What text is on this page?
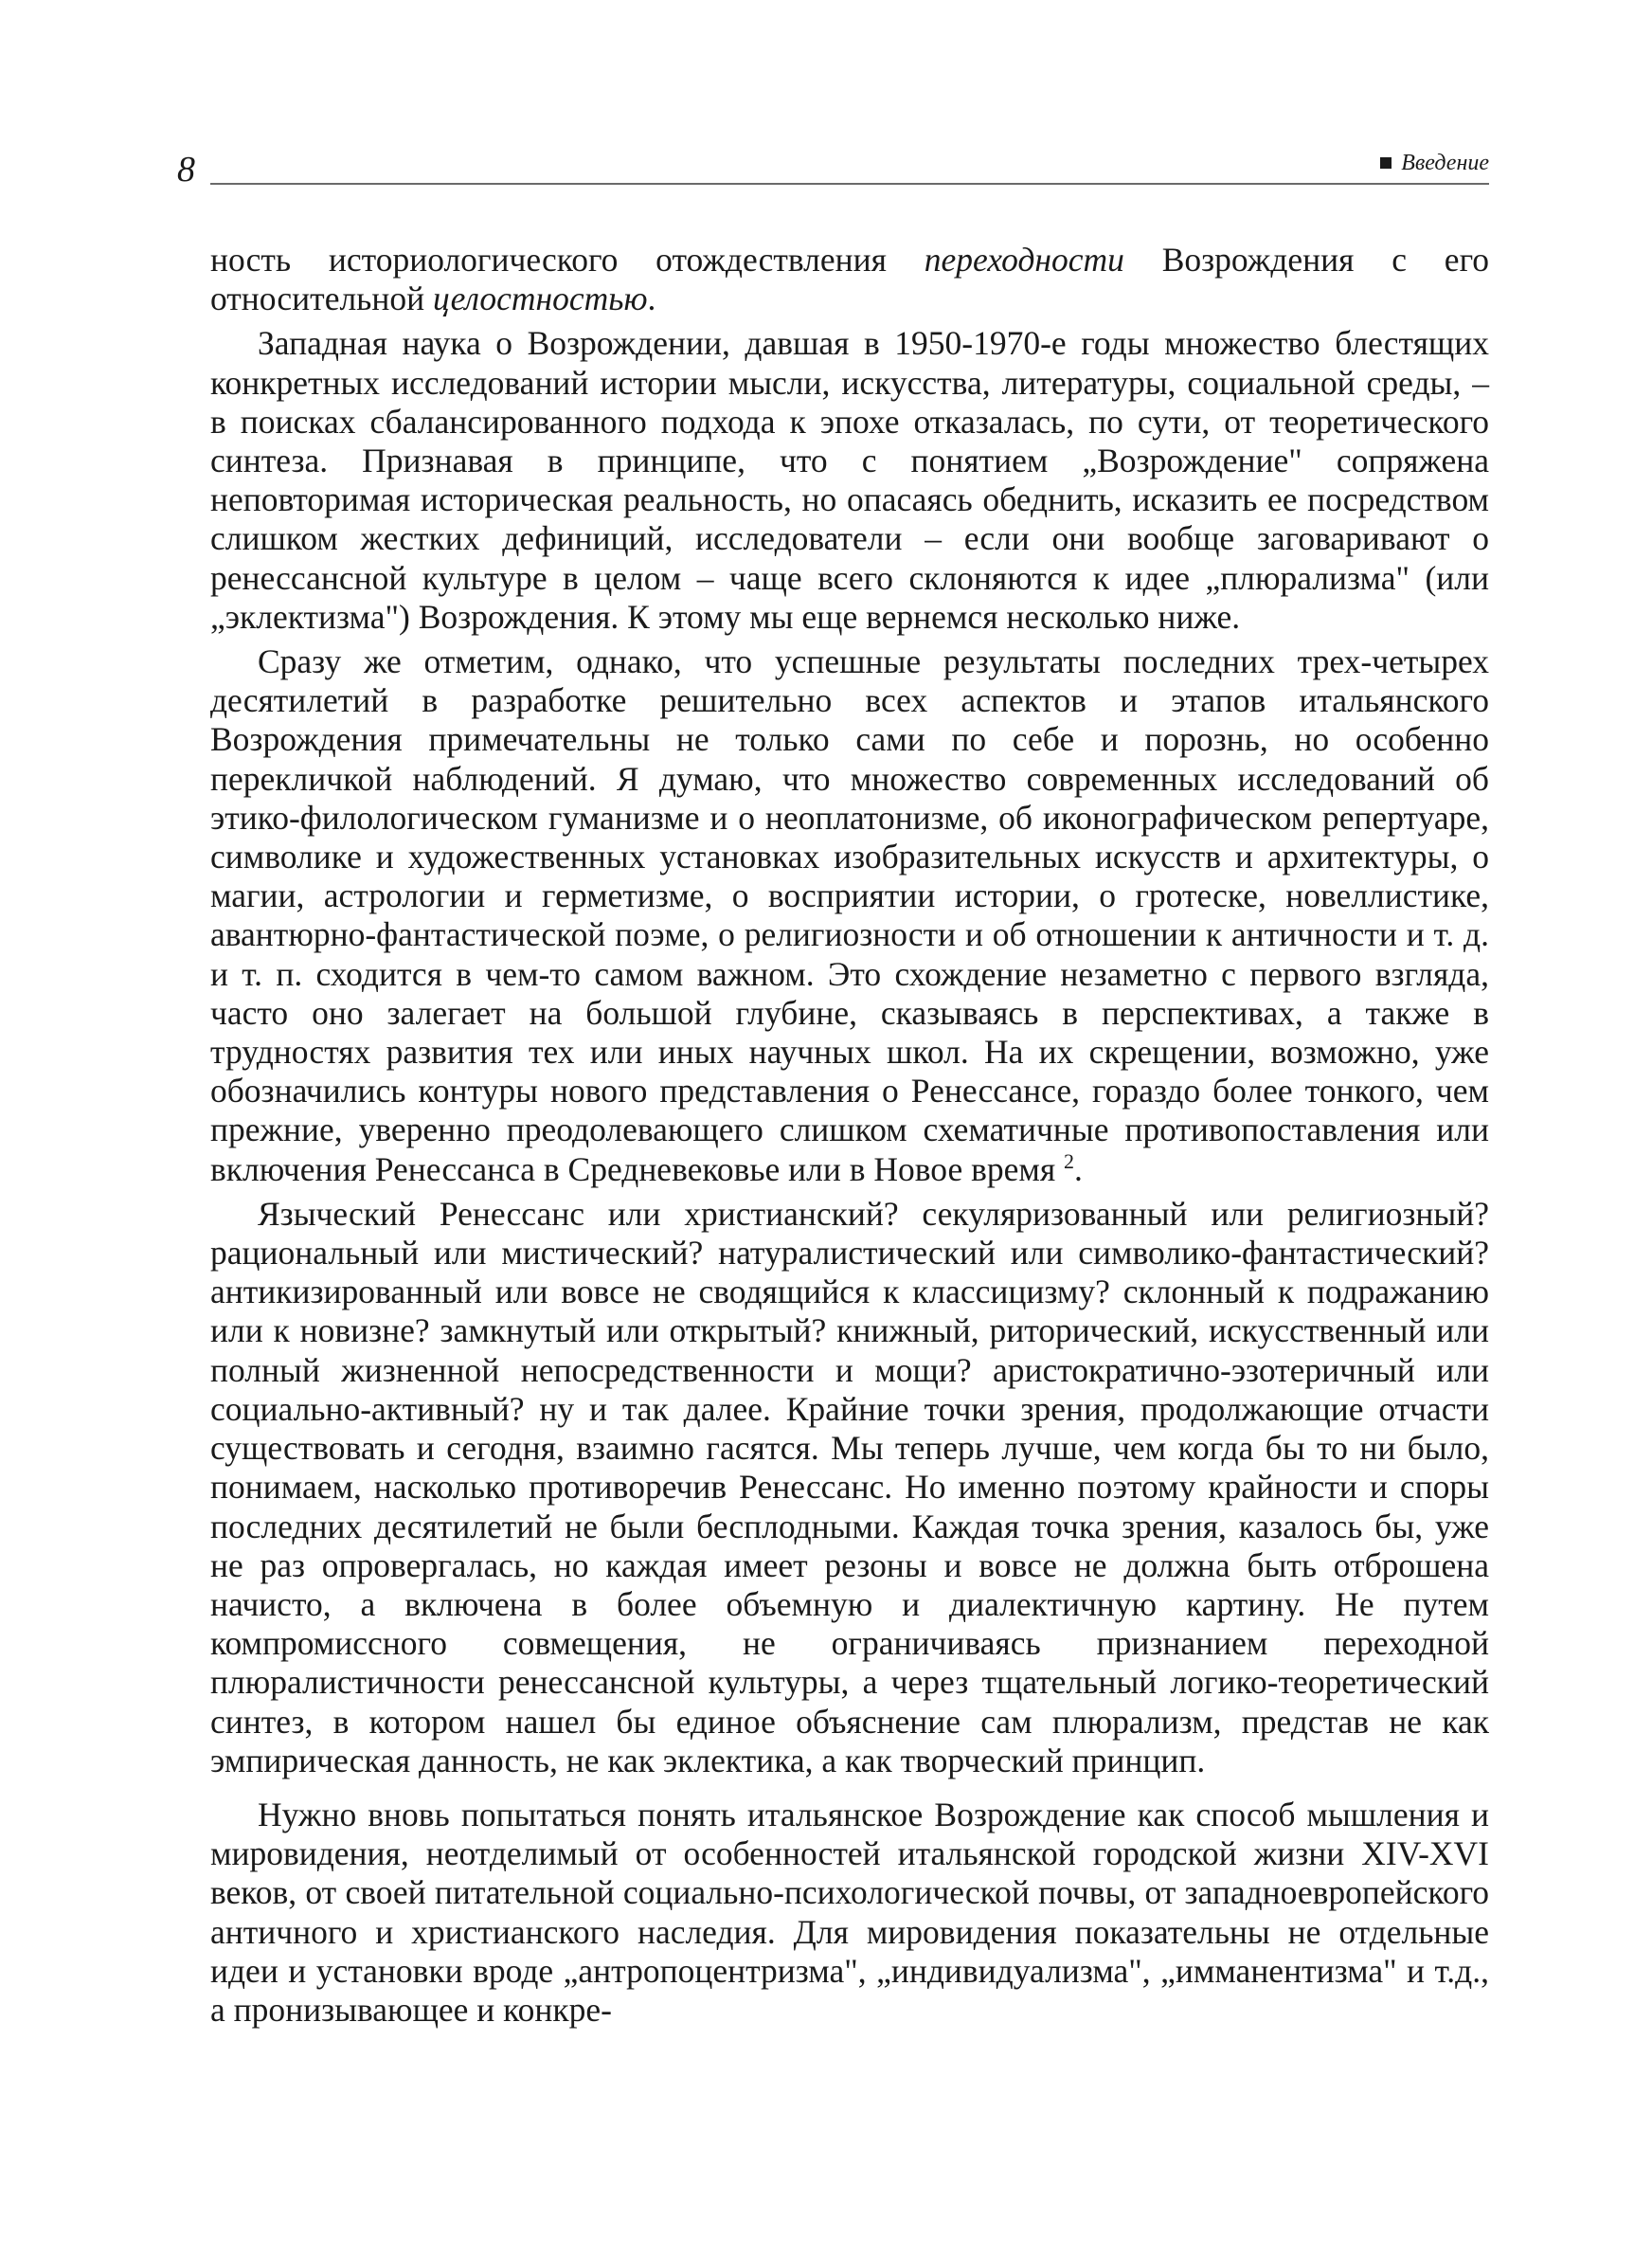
8	Введение

ность историологического отождествления переходности Возрождения с его относительной целостностью.

Западная наука о Возрождении, давшая в 1950-1970-е годы множество блестящих конкретных исследований истории мысли, искусства, литературы, социальной среды, – в поисках сбалансированного подхода к эпохе отказалась, по сути, от теоретического синтеза. Признавая в принципе, что с понятием „Возрождение" сопряжена неповторимая историческая реальность, но опасаясь обеднить, исказить ее посредством слишком жестких дефиниций, исследователи – если они вообще заговаривают о ренессансной культуре в целом – чаще всего склоняются к идее „плюрализма" (или „эклектизма") Возрождения. К этому мы еще вернемся несколько ниже.

Сразу же отметим, однако, что успешные результаты последних трех-четырех десятилетий в разработке решительно всех аспектов и этапов итальянского Возрождения примечательны не только сами по себе и порознь, но особенно перекличкой наблюдений. Я думаю, что множество современных исследований об этико-филологическом гуманизме и о неоплатонизме, об иконографическом репертуаре, символике и художественных установках изобразительных искусств и архитектуры, о магии, астрологии и герметизме, о восприятии истории, о гротеске, новеллистике, авантюрно-фантастической поэме, о религиозности и об отношении к античности и т. д. и т. п. сходится в чем-то самом важном. Это схождение незаметно с первого взгляда, часто оно залегает на большой глубине, сказываясь в перспективах, а также в трудностях развития тех или иных научных школ. На их скрещении, возможно, уже обозначились контуры нового представления о Ренессансе, гораздо более тонкого, чем прежние, уверенно преодолевающего слишком схематичные противопоставления или включения Ренессанса в Средневековье или в Новое время $^2$.

Языческий Ренессанс или христианский? секуляризованный или религиозный? рациональный или мистический? натуралистический или символико-фантастический? антикизированный или вовсе не сводящийся к классицизму? склонный к подражанию или к новизне? замкнутый или открытый? книжный, риторический, искусственный или полный жизненной непосредственности и мощи? аристократично-эзотеричный или социально-активный? ну и так далее. Крайние точки зрения, продолжающие отчасти существовать и сегодня, взаимно гасятся. Мы теперь лучше, чем когда бы то ни было, понимаем, насколько противоречив Ренессанс. Но именно поэтому крайности и споры последних десятилетий не были бесплодными. Каждая точка зрения, казалось бы, уже не раз опровергалась, но каждая имеет резоны и вовсе не должна быть отброшена начисто, а включена в более объемную и диалектичную картину. Не путем компромиссного совмещения, не ограничиваясь признанием переходной плюралистичности ренессансной культуры, а через тщательный логико-теоретический синтез, в котором нашел бы единое объяснение сам плюрализм, представ не как эмпирическая данность, не как эклектика, а как творческий принцип.

Нужно вновь попытаться понять итальянское Возрождение как способ мышления и мировидения, неотделимый от особенностей итальянской городской жизни XIV-XVI веков, от своей питательной социально-психологической почвы, от западноевропейского античного и христианского наследия. Для мировидения показательны не отдельные идеи и установки вроде „антропоцентризма", „индивидуализма", „имманентизма" и т.д., а пронизывающее и конкре-
